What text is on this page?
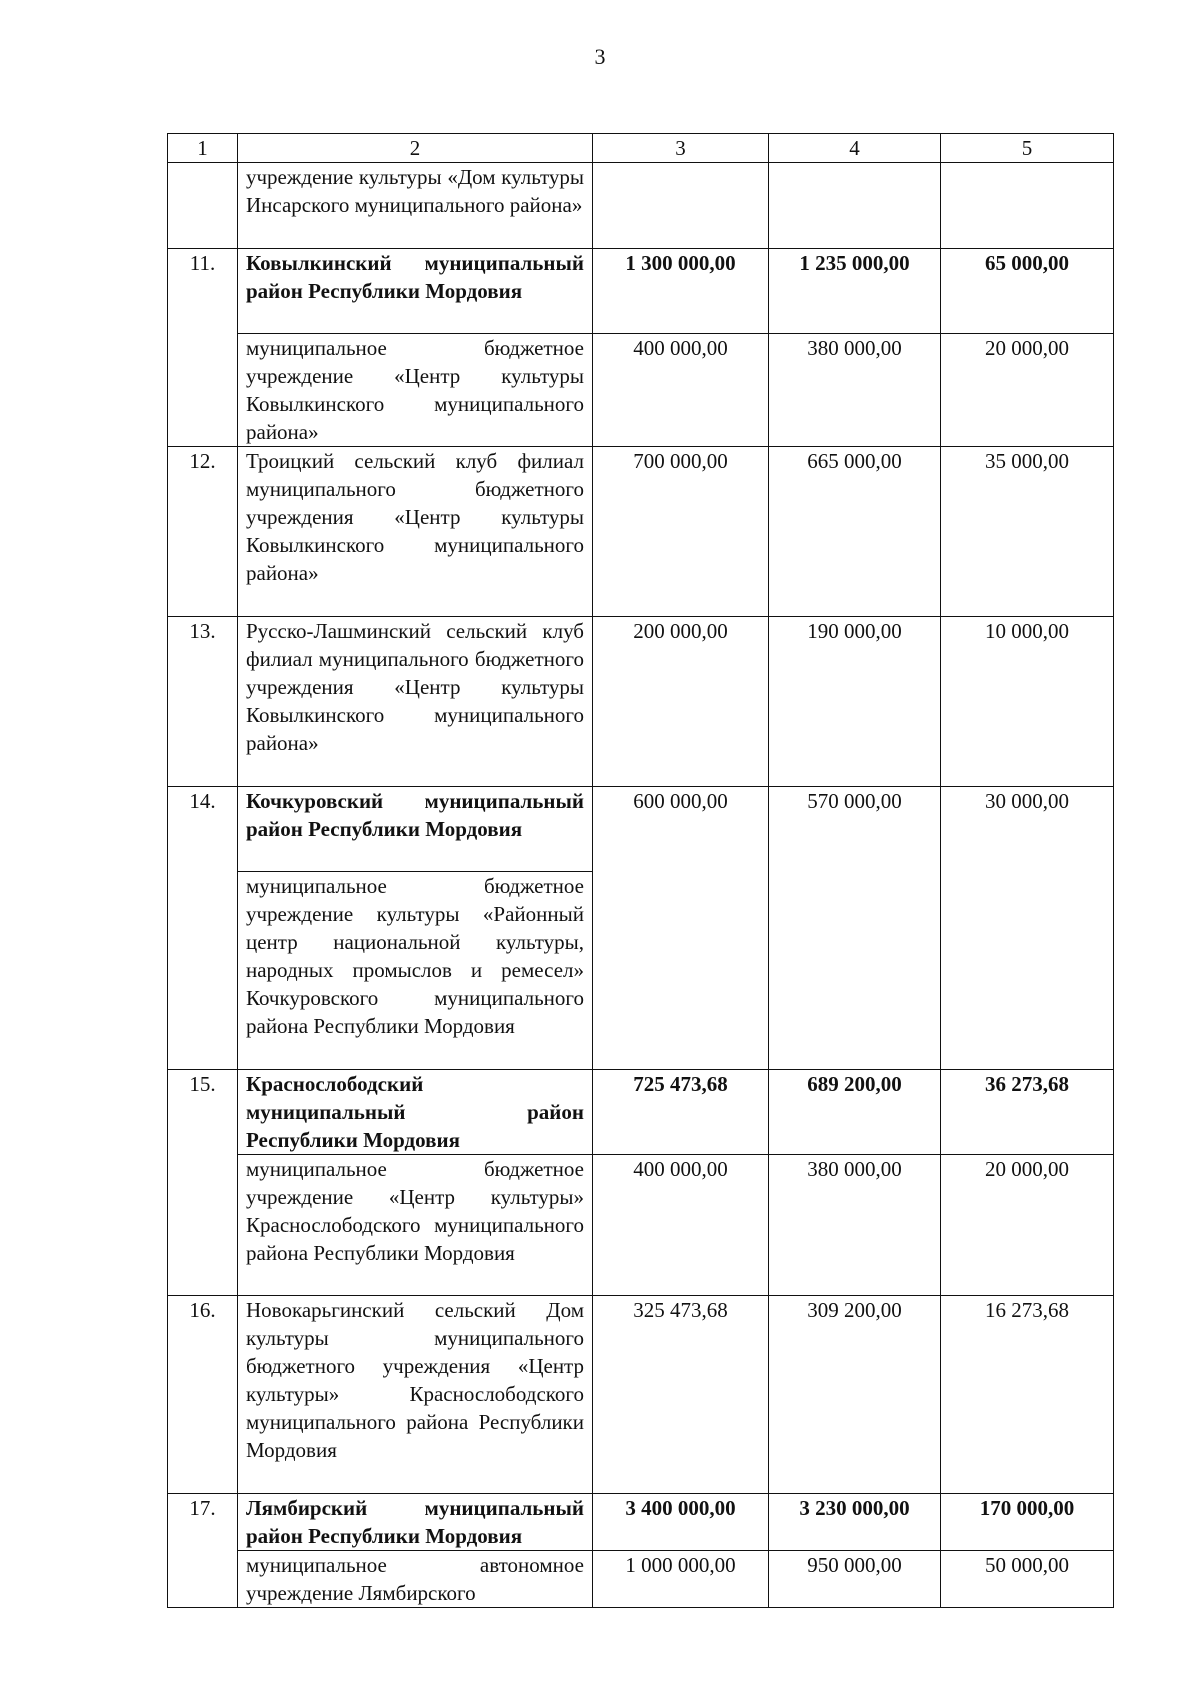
3
1	2	3	4	5
	учреждение культуры «Дом культуры Инсарского муниципального района»			
11.	Ковылкинский муниципальный район Республики Мордовия	1 300 000,00	1 235 000,00	65 000,00
	муниципальное бюджетное учреждение «Центр культуры Ковылкинского муниципального района»	400 000,00	380 000,00	20 000,00
12.	Троицкий сельский клуб филиал муниципального бюджетного учреждения «Центр культуры Ковылкинского муниципального района»	700 000,00	665 000,00	35 000,00
13.	Русско-Лашминский сельский клуб филиал муниципального бюджетного учреждения «Центр культуры Ковылкинского муниципального района»	200 000,00	190 000,00	10 000,00
14.	Кочкуровский муниципальный район Республики Мордовия	600 000,00	570 000,00	30 000,00
	муниципальное бюджетное учреждение культуры «Районный центр национальной культуры, народных промыслов и ремесел» Кочкуровского муниципального района Республики Мордовия			
15.	Краснослободский муниципальный район Республики Мордовия	725 473,68	689 200,00	36 273,68
	муниципальное бюджетное учреждение «Центр культуры» Краснослободского муниципального района Республики Мордовия	400 000,00	380 000,00	20 000,00
16.	Новокарьгинский сельский Дом культуры муниципального бюджетного учреждения «Центр культуры» Краснослободского муниципального района Республики Мордовия	325 473,68	309 200,00	16 273,68
17.	Лямбирский муниципальный район Республики Мордовия	3 400 000,00	3 230 000,00	170 000,00
	муниципальное автономное учреждение Лямбирского	1 000 000,00	950 000,00	50 000,00
